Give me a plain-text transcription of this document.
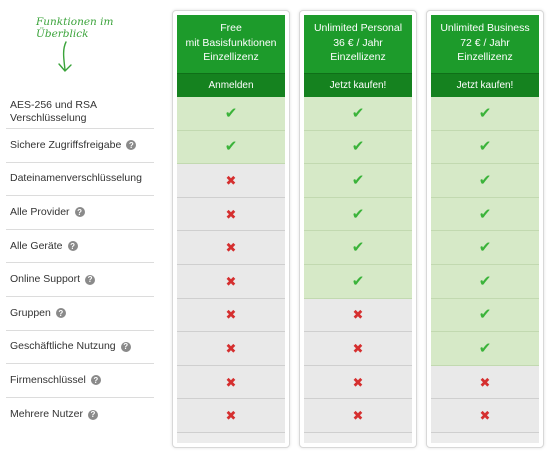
Funktionen im Überblick
AES-256 und RSA Verschlüsselung
Sichere Zugriffsfreigabe ?
Dateinamenverschlüsselung
Alle Provider ?
Alle Geräte ?
Online Support ?
Gruppen ?
Geschäftliche Nutzung ?
Firmenschlüssel ?
Mehrere Nutzer ?
Free
mit Basisfunktionen
Einzellizenz
Anmelden
✔
✔
✖
✖
✖
✖
✖
✖
✖
✖
Unlimited Personal
36 € / Jahr
Einzellizenz
Jetzt kaufen!
✔
✔
✔
✔
✔
✔
✖
✖
✖
✖
Unlimited Business
72 € / Jahr
Einzellizenz
Jetzt kaufen!
✔
✔
✔
✔
✔
✔
✔
✔
✖
✖
